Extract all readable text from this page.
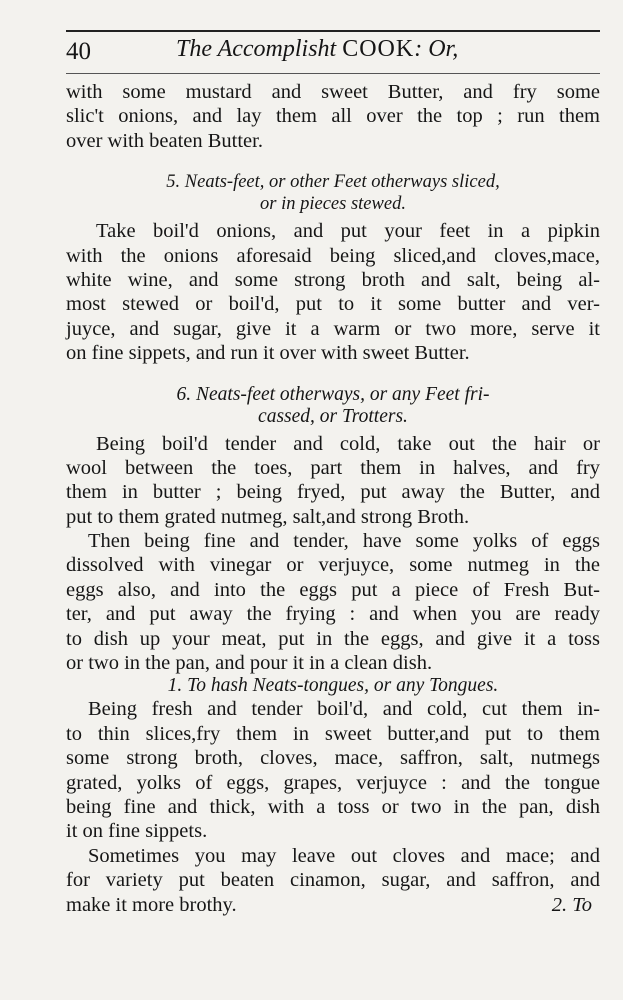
40	The Accomplisht COOK: Or,
with some mustard and sweet Butter, and fry some
slic't onions, and lay them all over the top ; run them
over with beaten Butter.
5. Neats-feet, or other Feet otherways sliced,
or in pieces stewed.
Take boil'd onions, and put your feet in a pipkin
with the onions aforesaid being sliced,and cloves,mace,
white wine, and some strong broth and salt, being al-
most stewed or boil'd, put to it some butter and ver-
juyce, and sugar, give it a warm or two more, serve it
on fine sippets, and run it over with sweet Butter.
6. Neats-feet otherways, or any Feet fri-
cassed, or Trotters.
Being boil'd tender and cold, take out the hair or
wool between the toes, part them in halves, and fry
them in butter ; being fryed, put away the Butter, and
put to them grated nutmeg, salt,and strong Broth.
Then being fine and tender, have some yolks of eggs
dissolved with vinegar or verjuyce, some nutmeg in the
eggs also, and into the eggs put a piece of Fresh But-
ter, and put away the frying : and when you are ready
to dish up your meat, put in the eggs, and give it a toss
or two in the pan, and pour it in a clean dish.
1. To hash Neats-tongues, or any Tongues.
Being fresh and tender boil'd, and cold, cut them in-
to thin slices,fry them in sweet butter,and put to them
some strong broth, cloves, mace, saffron, salt, nutmegs
grated, yolks of eggs, grapes, verjuyce : and the tongue
being fine and thick, with a toss or two in the pan, dish
it on fine sippets.
Sometimes you may leave out cloves and mace; and
for variety put beaten cinamon, sugar, and saffron, and
make it more brothy.	2. To
